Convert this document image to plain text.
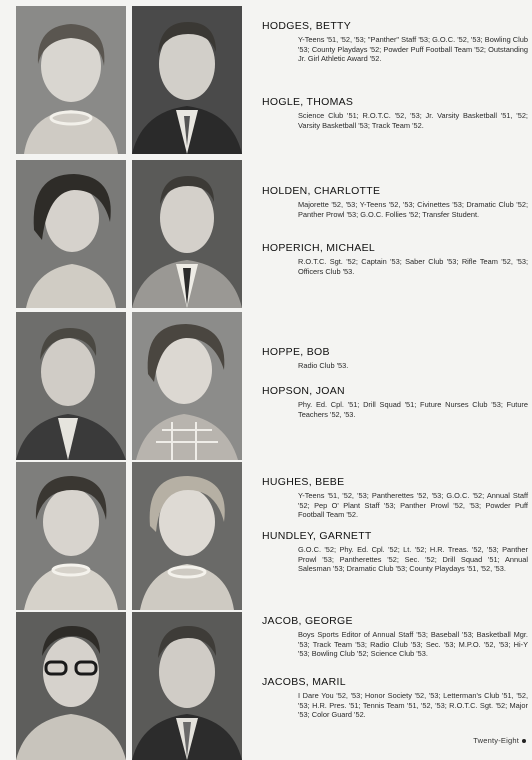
HODGES, BETTY
Y-Teens '51, '52, '53; "Panther" Staff '53; G.O.C. '52, '53; Bowling Club '53; County Playdays '52; Powder Puff Football Team '52; Outstanding Jr. Girl Athletic Award '52.
HOGLE, THOMAS
Science Club '51; R.O.T.C. '52, '53; Jr. Varsity Basketball '51, '52; Varsity Basketball '53; Track Team '52.
HOLDEN, CHARLOTTE
Majorette '52, '53; Y-Teens '52, '53; Civinettes '53; Dramatic Club '52; Panther Prowl '53; G.O.C. Follies '52; Transfer Student.
HOPERICH, MICHAEL
R.O.T.C. Sgt. '52; Captain '53; Saber Club '53; Rifle Team '52, '53; Officers Club '53.
HOPPE, BOB
Radio Club '53.
HOPSON, JOAN
Phy. Ed. Cpl. '51; Drill Squad '51; Future Nurses Club '53; Future Teachers '52, '53.
HUGHES, BEBE
Y-Teens '51, '52, '53; Pantherettes '52, '53; G.O.C. '52; Annual Staff '52; Pep O' Plant Staff '53; Panther Prowl '52, '53; Powder Puff Football Team '52.
HUNDLEY, GARNETT
G.O.C. '52; Phy. Ed. Cpl. '52; Lt. '52; H.R. Treas. '52, '53; Panther Prowl '53; Pantherettes '52; Sec. '52; Drill Squad '51; Annual Salesman '53; Dramatic Club '53; County Playdays '51, '52, '53.
JACOB, GEORGE
Boys Sports Editor of Annual Staff '53; Baseball '53; Basketball Mgr. '53; Track Team '53; Radio Club '53; Sec. '53; M.P.O. '52, '53; Hi-Y '53; Bowling Club '52; Science Club '53.
JACOBS, MARIL
I Dare You '52, '53; Honor Society '52, '53; Letterman's Club '51, '52, '53; H.R. Pres. '51; Tennis Team '51, '52, '53; R.O.T.C. Sgt. '52; Major '53; Color Guard '52.
Twenty-Eight
